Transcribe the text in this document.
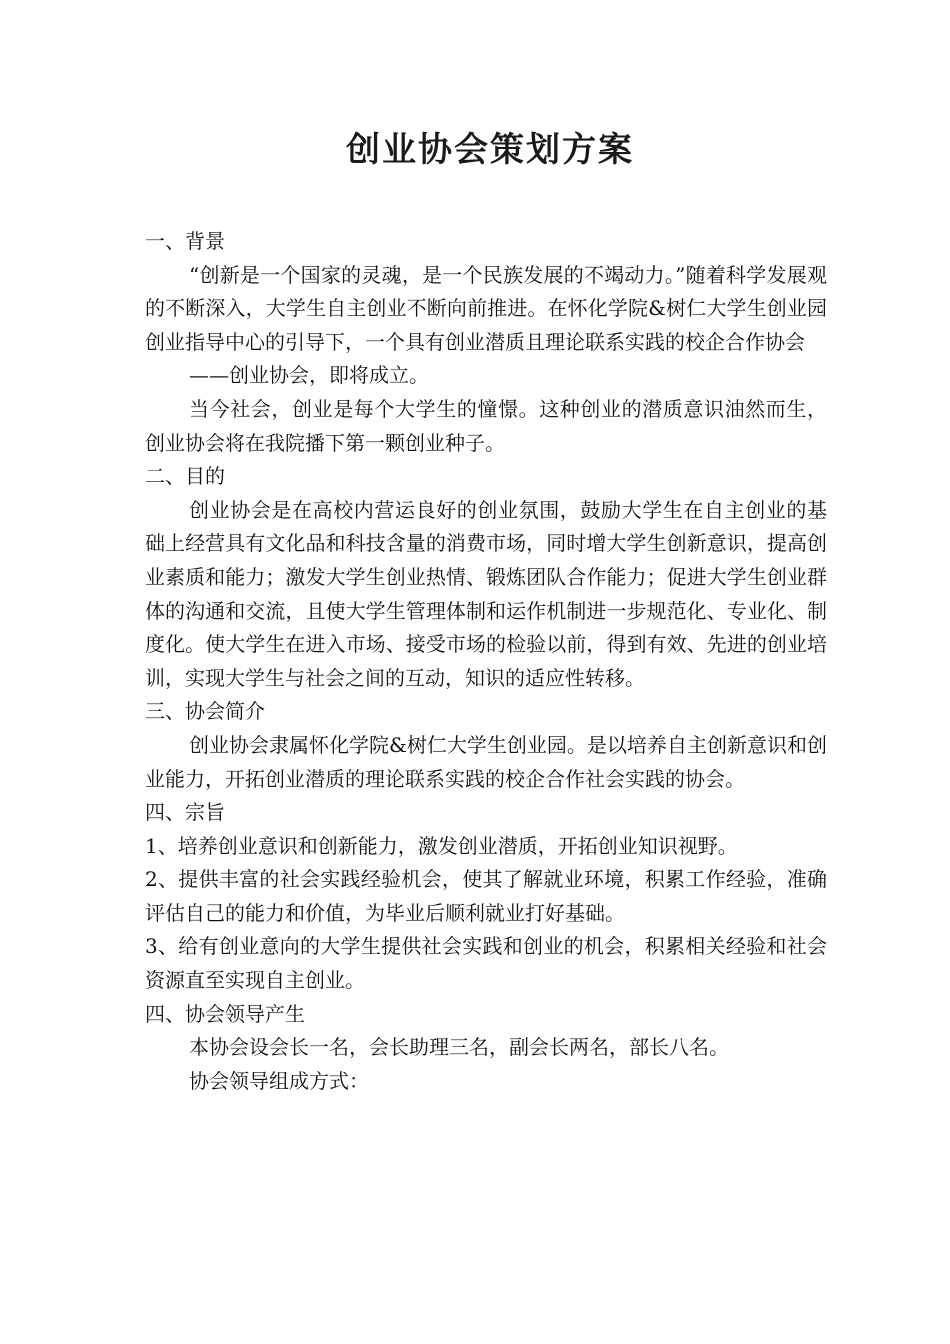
创业协会策划方案

一、背景

“创新是一个国家的灵魂，是一个民族发展的不竭动力。”随着科学发展观的不断深入，大学生自主创业不断向前推进。在怀化学院&树仁大学生创业园创业指导中心的引导下，一个具有创业潜质且理论联系实践的校企合作协会

——创业协会，即将成立。

当今社会，创业是每个大学生的憧憬。这种创业的潜质意识油然而生，创业协会将在我院播下第一颗创业种子。

二、目的

创业协会是在高校内营运良好的创业氛围，鼓励大学生在自主创业的基础上经营具有文化品和科技含量的消费市场，同时增大学生创新意识，提高创业素质和能力；激发大学生创业热情、锻炼团队合作能力；促进大学生创业群体的沟通和交流，且使大学生管理体制和运作机制进一步规范化、专业化、制度化。使大学生在进入市场、接受市场的检验以前，得到有效、先进的创业培训，实现大学生与社会之间的互动，知识的适应性转移。

三、协会简介

创业协会隶属怀化学院&树仁大学生创业园。是以培养自主创新意识和创业能力，开拓创业潜质的理论联系实践的校企合作社会实践的协会。

四、宗旨

1、培养创业意识和创新能力，激发创业潜质，开拓创业知识视野。

2、提供丰富的社会实践经验机会，使其了解就业环境，积累工作经验，准确评估自己的能力和价值，为毕业后顺利就业打好基础。

3、给有创业意向的大学生提供社会实践和创业的机会，积累相关经验和社会资源直至实现自主创业。

四、协会领导产生

本协会设会长一名，会长助理三名，副会长两名，部长八名。

协会领导组成方式：
